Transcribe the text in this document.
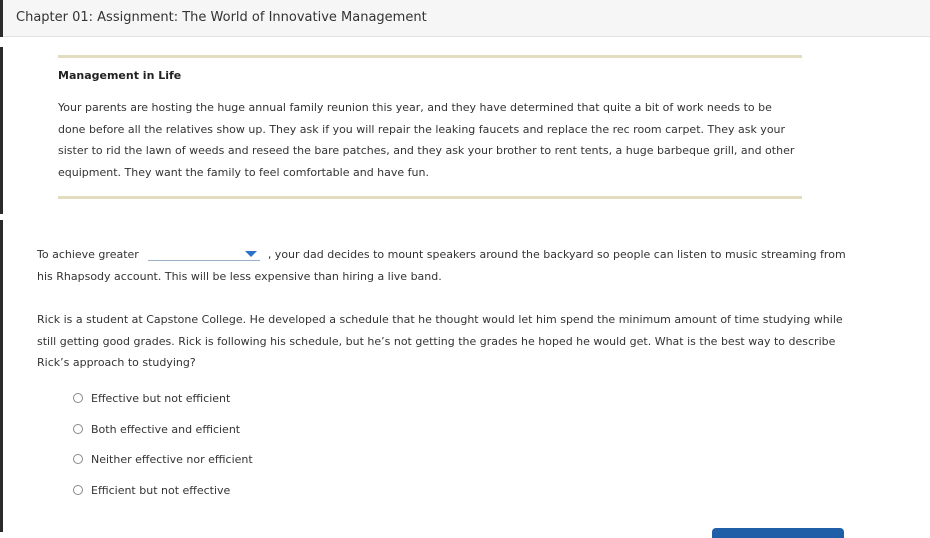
Chapter 01: Assignment: The World of Innovative Management
Management in Life
Your parents are hosting the huge annual family reunion this year, and they have determined that quite a bit of work needs to be done before all the relatives show up. They ask if you will repair the leaking faucets and replace the rec room carpet. They ask your sister to rid the lawn of weeds and reseed the bare patches, and they ask your brother to rent tents, a huge barbeque grill, and other equipment. They want the family to feel comfortable and have fun.
To achieve greater	, your dad decides to mount speakers around the backyard so people can listen to music streaming from his Rhapsody account. This will be less expensive than hiring a live band.
Rick is a student at Capstone College. He developed a schedule that he thought would let him spend the minimum amount of time studying while still getting good grades. Rick is following his schedule, but he’s not getting the grades he hoped he would get. What is the best way to describe Rick’s approach to studying?
Effective but not efficient
Both effective and efficient
Neither effective nor efficient
Efficient but not effective
